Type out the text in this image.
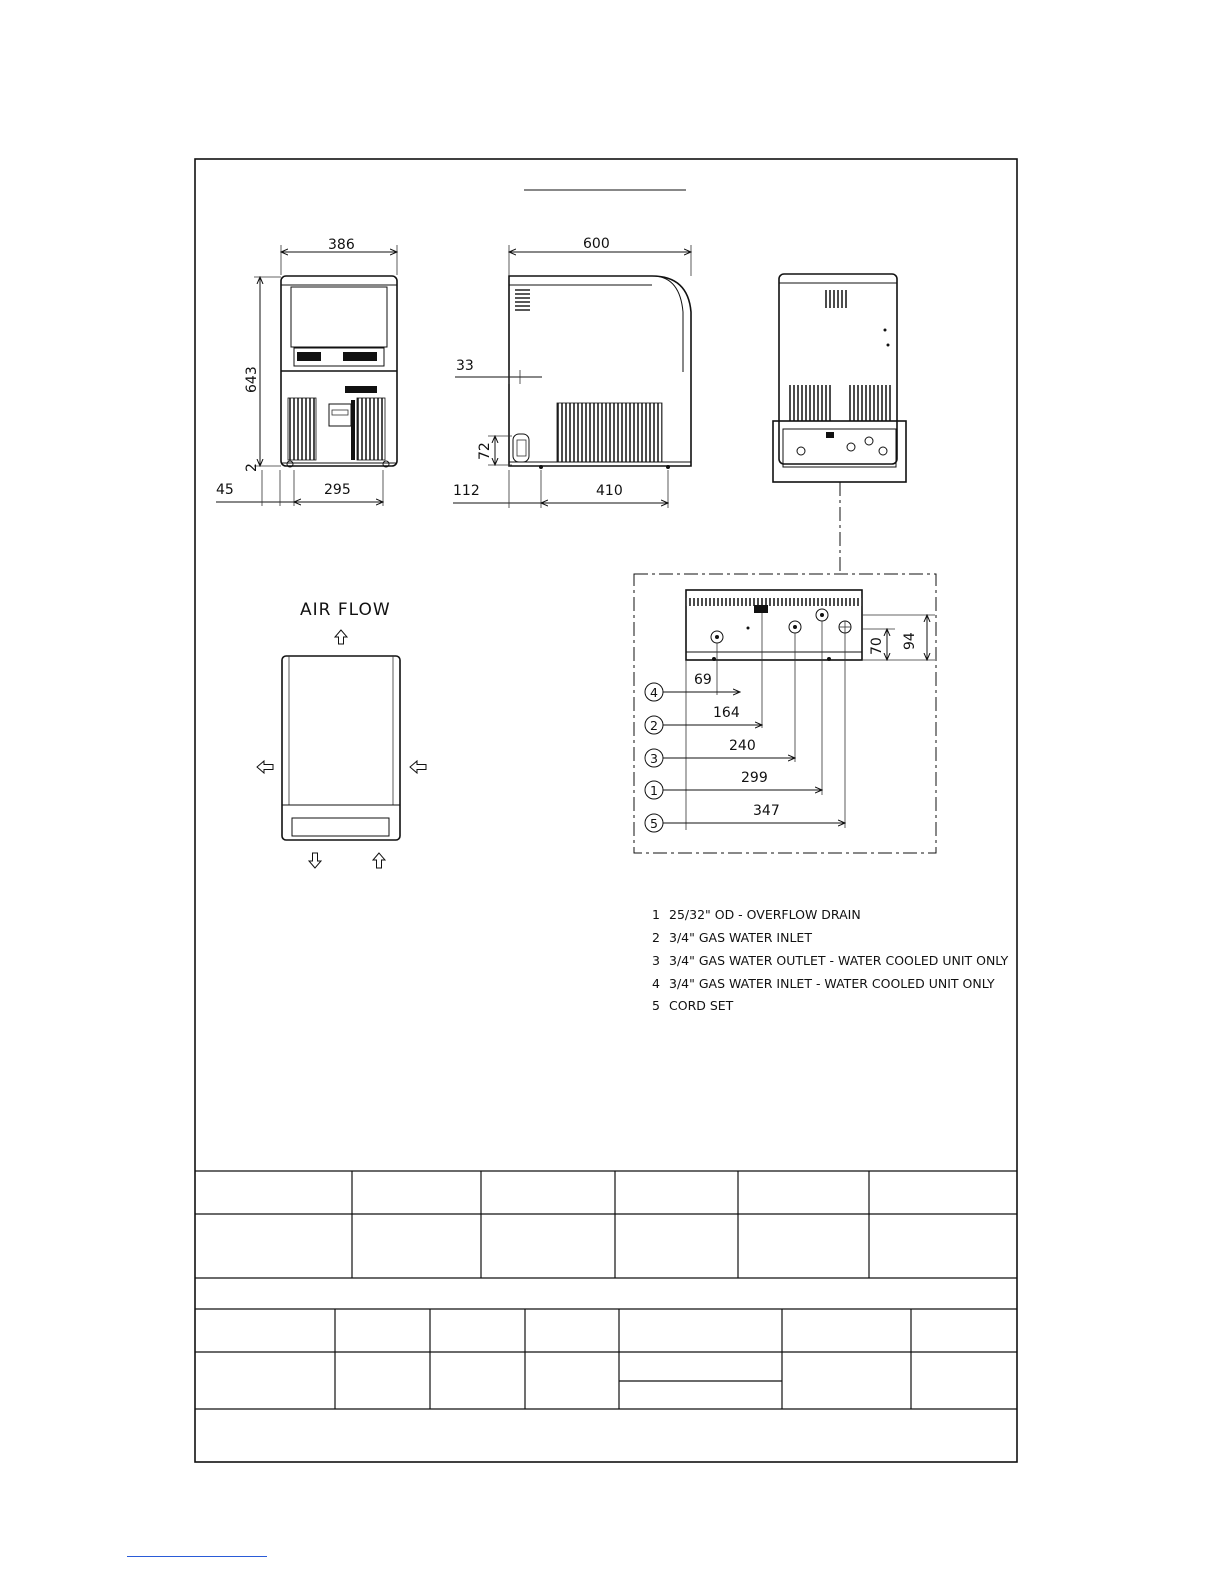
386
643
2
45	295
600
33
72
112	410
70 94
4
69
2
164
3
240
1
299
5
347
AIR FLOW
1 25/32" OD - OVERFLOW DRAIN
2 3/4" GAS WATER INLET
3 3/4" GAS WATER OUTLET - WATER COOLED UNIT ONLY
4 3/4" GAS WATER INLET - WATER COOLED UNIT ONLY
5 CORD SET
